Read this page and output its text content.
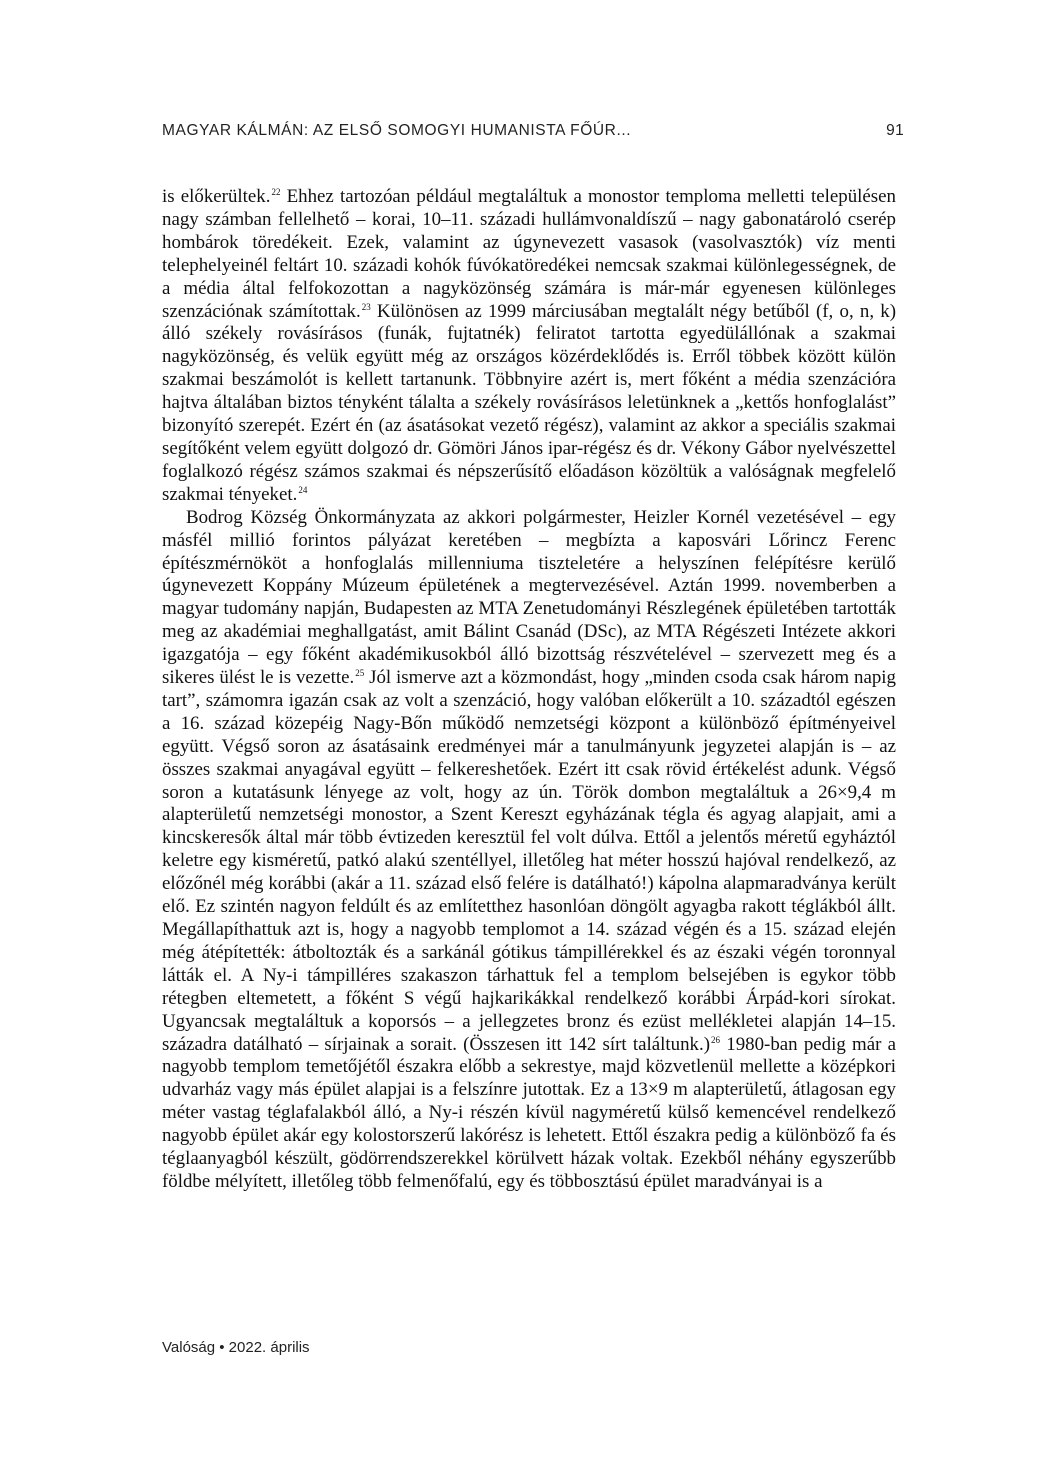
MAGYAR KÁLMÁN: AZ ELSŐ SOMOGYI HUMANISTA FŐÚR...	91

is előkerültek.$^{22}$ Ehhez tartozóan például megtaláltuk a monostor temploma melletti településen nagy számban fellelhető – korai, 10–11. századi hullámvonaldíszű – nagy gabonatároló cserép hombárok töredékeit. Ezek, valamint az úgynevezett vasasok (vasolvasztók) víz menti telephelyeinél feltárt 10. századi kohók fúvókatöredékei nemcsak szakmai különlegességnek, de a média által felfokozottan a nagyközönség számára is már-már egyenesen különleges szenzációnak számítottak.$^{23}$ Különösen az 1999 márciusában megtalált négy betűből (f, o, n, k) álló székely rovásírásos (funák, fujtatnék) feliratot tartotta egyedülállónak a szakmai nagyközönség, és velük együtt még az országos közérdeklődés is. Erről többek között külön szakmai beszámolót is kellett tartanunk. Többnyire azért is, mert főként a média szenzációra hajtva általában biztos tényként tálalta a székely rovásírásos leletünknek a „kettős honfoglalást” bizonyító szerepét. Ezért én (az ásatásokat vezető régész), valamint az akkor a speciális szakmai segítőként velem együtt dolgozó dr. Gömöri János ipar-régész és dr. Vékony Gábor nyelvészettel foglalkozó régész számos szakmai és népszerűsítő előadáson közöltük a valóságnak megfelelő szakmai tényeket.$^{24}$

Bodrog Község Önkormányzata az akkori polgármester, Heizler Kornél vezetésével – egy másfél millió forintos pályázat keretében – megbízta a kaposvári Lőrincz Ferenc építészmérnököt a honfoglalás millenniuma tiszteletére a helyszínen felépítésre kerülő úgynevezett Koppány Múzeum épületének a megtervezésével. Aztán 1999. novemberben a magyar tudomány napján, Budapesten az MTA Zenetudományi Részlegének épületében tartották meg az akadémiai meghallgatást, amit Bálint Csanád (DSc), az MTA Régészeti Intézete akkori igazgatója – egy főként akadémikusokból álló bizottság részvételével – szervezett meg és a sikeres ülést le is vezette.$^{25}$ Jól ismerve azt a közmondást, hogy „minden csoda csak három napig tart”, számomra igazán csak az volt a szenzáció, hogy valóban előkerült a 10. századtól egészen a 16. század közepéig Nagy-Bőn működő nemzetségi központ a különböző építményeivel együtt. Végső soron az ásatásaink eredményei már a tanulmányunk jegyzetei alapján is – az összes szakmai anyagával együtt – felkereshetőek. Ezért itt csak rövid értékelést adunk. Végső soron a kutatásunk lényege az volt, hogy az ún. Török dombon megtaláltuk a 26×9,4 m alapterületű nemzetségi monostor, a Szent Kereszt egyházának tégla és agyag alapjait, ami a kincskeresők által már több évtizeden keresztül fel volt dúlva. Ettől a jelentős méretű egyháztól keletre egy kisméretű, patkó alakú szentéllyel, illetőleg hat méter hosszú hajóval rendelkező, az előzőnél még korábbi (akár a 11. század első felére is datálható!) kápolna alapmaradványa került elő. Ez szintén nagyon feldúlt és az említetthez hasonlóan döngölt agyagba rakott téglákból állt. Megállapíthattuk azt is, hogy a nagyobb templomot a 14. század végén és a 15. század elején még átépítették: átboltozták és a sarkánál gótikus támpillérekkel és az északi végén toronnyal látták el. A Ny-i támpilléres szakaszon tárhattuk fel a templom belsejében is egykor több rétegben eltemetett, a főként S végű hajkarikákkal rendelkező korábbi Árpád-kori sírokat. Ugyancsak megtaláltuk a koporsós – a jellegzetes bronz és ezüst mellékletei alapján 14–15. századra datálható – sírjainak a sorait. (Összesen itt 142 sírt találtunk.)$^{26}$ 1980-ban pedig már a nagyobb templom temetőjétől északra előbb a sekrestye, majd közvetlenül mellette a középkori udvarház vagy más épület alapjai is a felszínre jutottak. Ez a 13×9 m alapterületű, átlagosan egy méter vastag téglafalakból álló, a Ny-i részén kívül nagyméretű külső kemencével rendelkező nagyobb épület akár egy kolostorszerű lakórész is lehetett. Ettől északra pedig a különböző fa és téglaanyagból készült, gödörrendszerekkel körülvett házak voltak. Ezekből néhány egyszerűbb földbe mélyített, illetőleg több felmenőfalú, egy és többosztású épület maradványai is a

Valóság • 2022. április
